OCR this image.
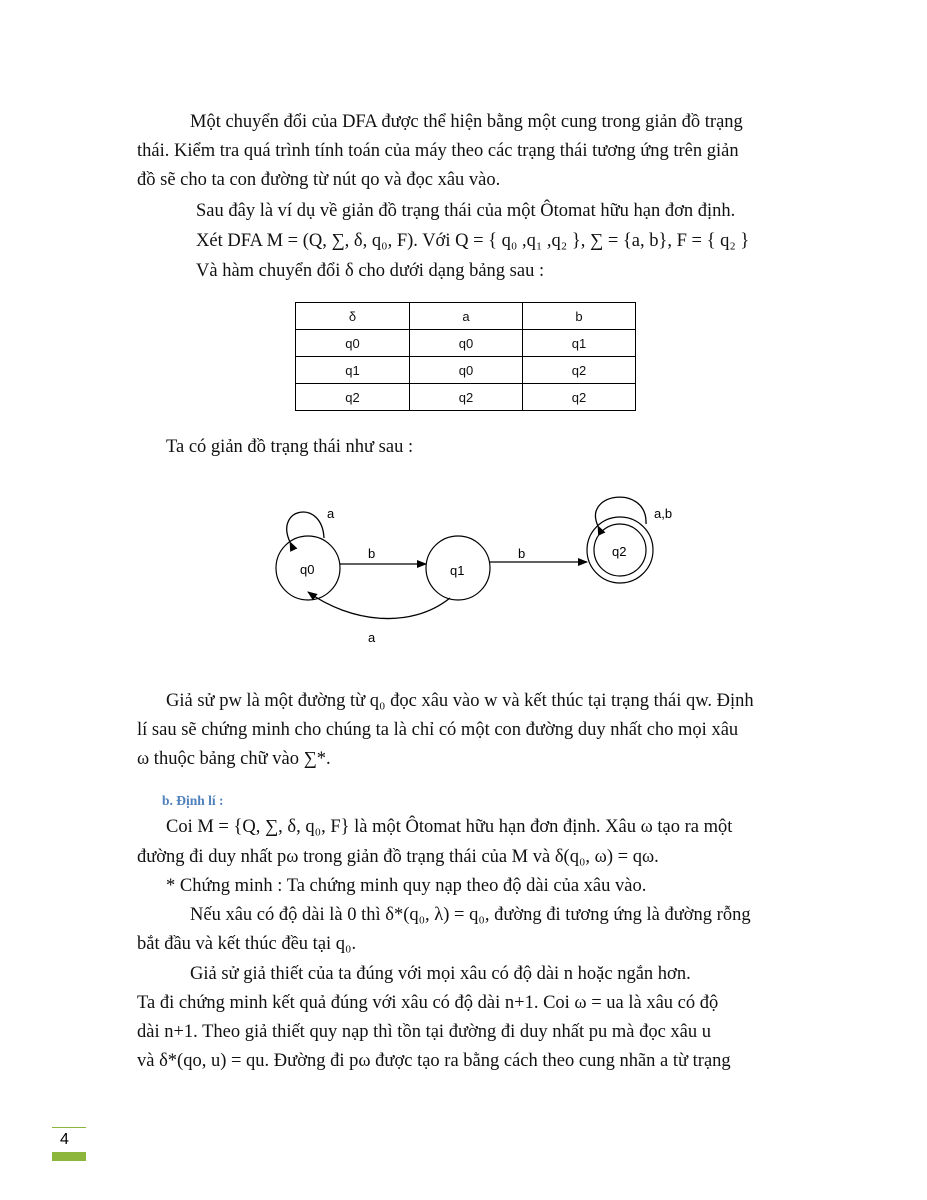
Một chuyển đổi của DFA được thể hiện bằng một cung trong giản đồ trạng
thái. Kiểm tra quá trình tính toán của máy theo các trạng thái tương ứng trên giản
đồ sẽ cho ta con đường từ nút qo và đọc xâu vào.
Sau đây là ví dụ về giản đồ trạng thái của một Ôtomat hữu hạn đơn định.
Xét DFA M = (Q, ∑, δ, q₀, F). Với Q = { q₀ ,q₁ ,q₂ }, ∑ = {a, b}, F = { q₂ }
Và hàm chuyển đổi δ cho dưới dạng bảng sau :
δ	a	b
q0	q0	q1
q1	q0	q2
q2	q2	q2
Ta có giản đồ trạng thái như sau :
a	a,b
b	b
a
q0	q1
q2
Giả sử pw là một đường từ q₀ đọc xâu vào w và kết thúc tại trạng thái qw. Định
lí sau sẽ chứng minh cho chúng ta là chỉ có một con đường duy nhất cho mọi xâu
ω thuộc bảng chữ vào ∑*.
b. Định lí :
Coi M = {Q, ∑, δ, q₀, F} là một Ôtomat hữu hạn đơn định. Xâu ω tạo ra một
đường đi duy nhất pω trong giản đồ trạng thái của M và δ(q₀, ω) = qω.
* Chứng minh : Ta chứng minh quy nạp theo độ dài của xâu vào.
Nếu xâu có độ dài là 0 thì δ*(q₀, λ) = q₀, đường đi tương ứng là đường rỗng
bắt đầu và kết thúc đều tại q₀.
Giả sử giả thiết của ta đúng với mọi xâu có độ dài n hoặc ngắn hơn.
Ta đi chứng minh kết quả đúng với xâu có độ dài n+1. Coi ω = ua là xâu có độ
dài n+1. Theo giả thiết quy nạp thì tồn tại đường đi duy nhất pu mà đọc xâu u
và δ*(qo, u) = qu. Đường đi pω được tạo ra bằng cách theo cung nhãn a từ trạng
4
